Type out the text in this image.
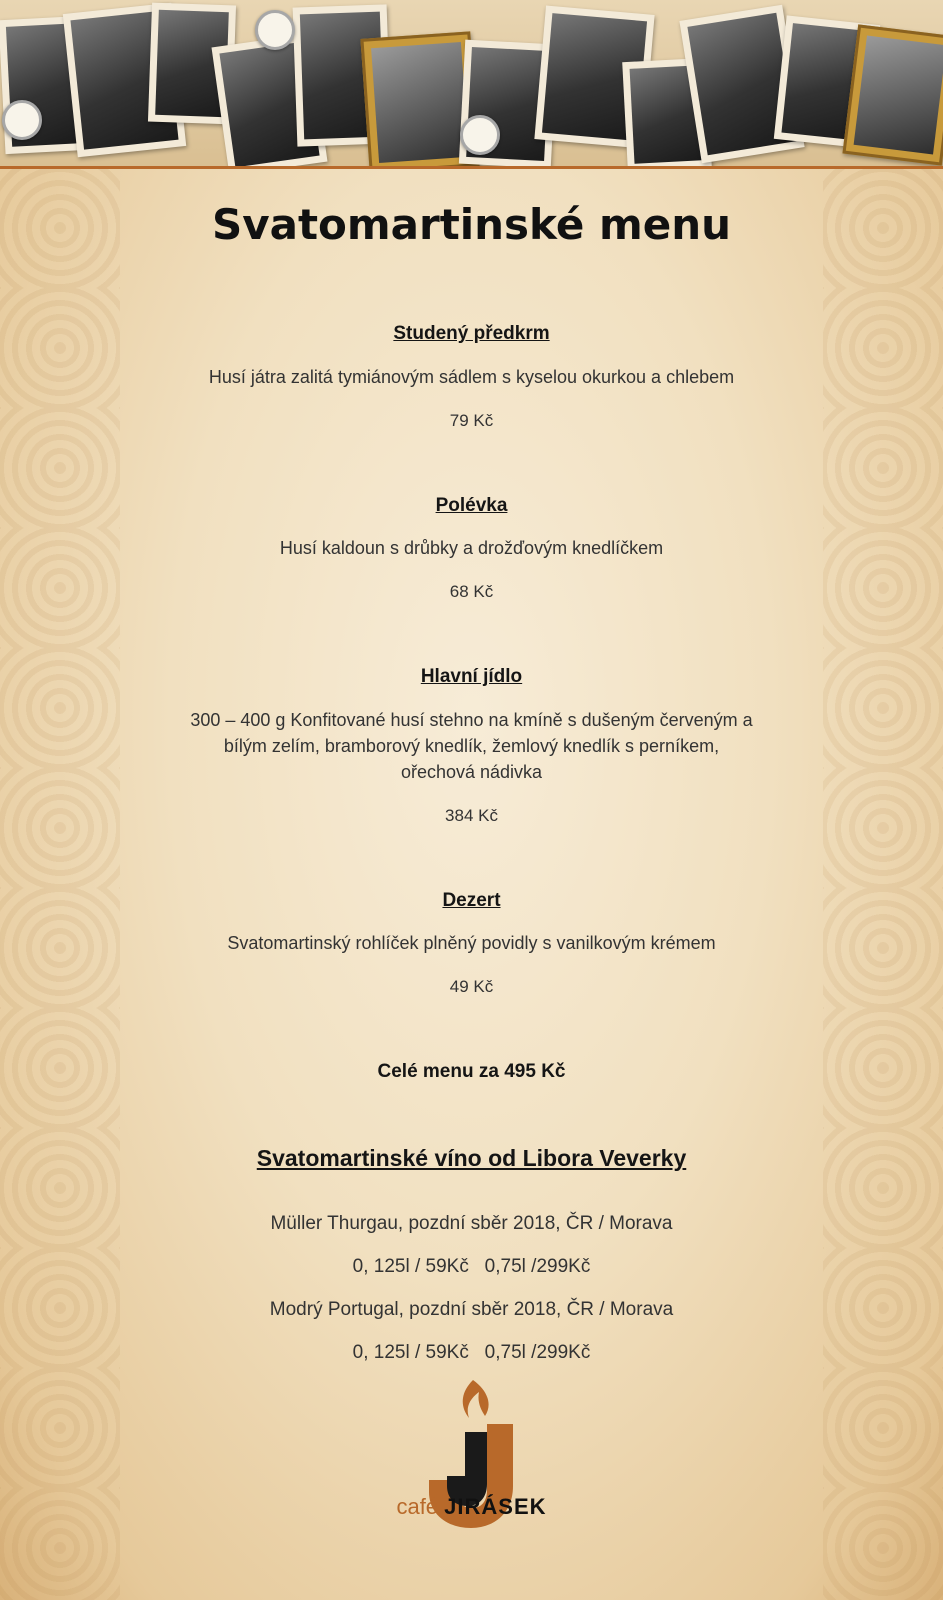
Svatomartinské menu

Studený předkrm

Husí játra zalitá tymiánovým sádlem s kyselou okurkou a chlebem

79 Kč

Polévka

Husí kaldoun s drůbky a drožďovým knedlíčkem

68 Kč

Hlavní jídlo

300 – 400 g Konfitované husí stehno na kmíně s dušeným červeným a

bílým zelím, bramborový knedlík, žemlový knedlík s perníkem,

ořechová nádivka

384 Kč

Dezert

Svatomartinský rohlíček plněný povidly s vanilkovým krémem

49 Kč

Celé menu za 495 Kč

Svatomartinské víno od Libora Veverky

Müller Thurgau, pozdní sběr 2018, ČR / Morava

0, 125l / 59Kč   0,75l /299Kč

Modrý Portugal, pozdní sběr 2018, ČR / Morava

0, 125l / 59Kč   0,75l /299Kč

café JIRÁSEK
